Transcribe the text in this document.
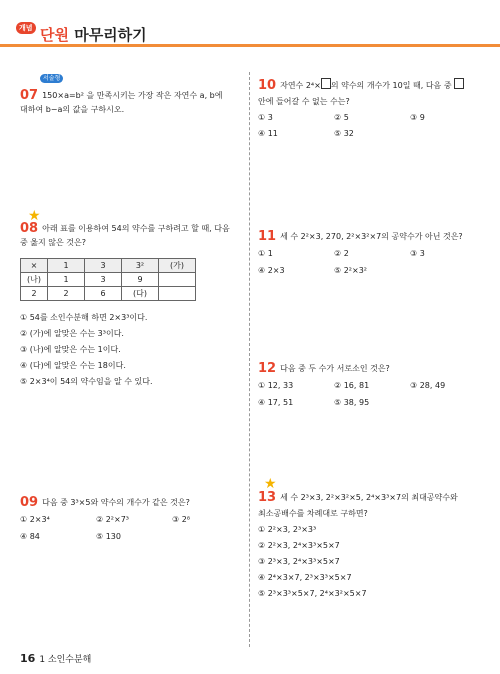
개념 단원 마무리하기
서술형
07 150×a=b² 을 만족시키는 가장 작은 자연수 a, b에
대하여 b−a의 값을 구하시오.
★
08 아래 표를 이용하여 54의 약수를 구하려고 할 때, 다음
중 옳지 않은 것은?
×	1	3	3²	(가)
(나)	1	3	9	
2	2	6	(다)	
① 54를 소인수분해 하면 2×3³이다.
② (가)에 알맞은 수는 3³이다.
③ (나)에 알맞은 수는 1이다.
④ (다)에 알맞은 수는 18이다.
⑤ 2×3⁴이 54의 약수임을 알 수 있다.
09 다음 중 3³×5와 약수의 개수가 같은 것은?
① 2×3⁴	② 2²×7³	③ 2⁸
④ 84	⑤ 130
10 자연수 2⁴× 의 약수의 개수가 10일 때, 다음 중
안에 들어갈 수 없는 수는?
① 3	② 5	③ 9
④ 11	⑤ 32
11 세 수 2²×3, 270, 2²×3²×7의 공약수가 아닌 것은?
① 1	② 2	③ 3
④ 2×3	⑤ 2²×3²
12 다음 중 두 수가 서로소인 것은?
① 12, 33	② 16, 81	③ 28, 49
④ 17, 51	⑤ 38, 95
★
13 세 수 2³×3, 2²×3²×5, 2⁴×3³×7의 최대공약수와
최소공배수를 차례대로 구하면?
① 2²×3, 2³×3³
② 2²×3, 2⁴×3³×5×7
③ 2³×3, 2⁴×3³×5×7
④ 2⁴×3×7, 2³×3³×5×7
⑤ 2³×3³×5×7, 2⁴×3²×5×7
16 1 소인수분해
